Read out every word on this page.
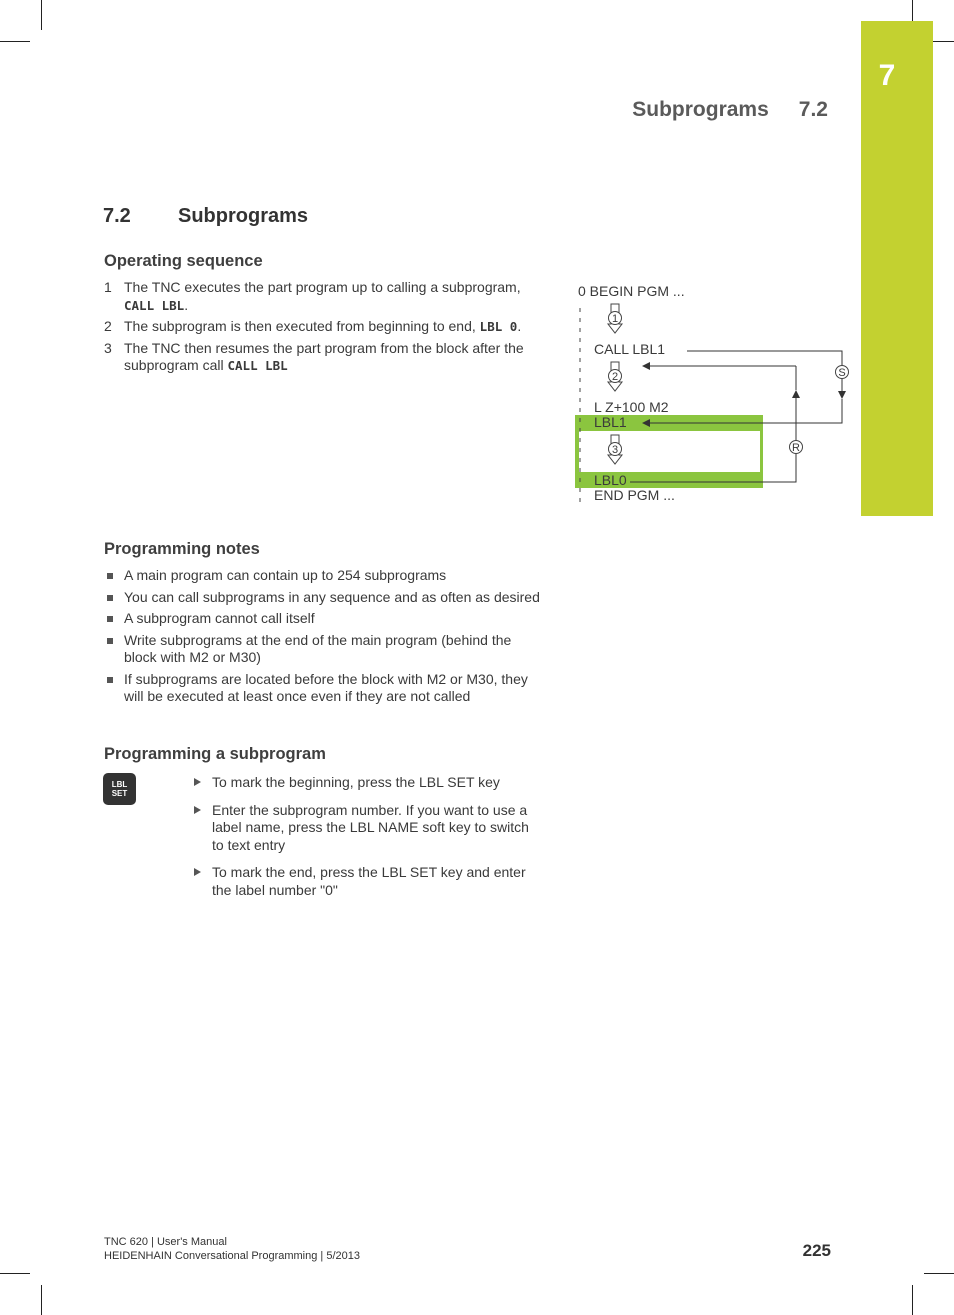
7
Subprograms 7.2
7.2 Subprograms
Operating sequence
1 The TNC executes the part program up to calling a subprogram, CALL LBL.
2 The subprogram is then executed from beginning to end, LBL 0.
3 The TNC then resumes the part program from the block after the subprogram call CALL LBL
0 BEGIN PGM ...
CALL LBL1
L Z+100 M2
LBL1
LBL0
END PGM ...
1
2
3
S
R
Programming notes
A main program can contain up to 254 subprograms
You can call subprograms in any sequence and as often as desired
A subprogram cannot call itself
Write subprograms at the end of the main program (behind the block with M2 or M30)
If subprograms are located before the block with M2 or M30, they will be executed at least once even if they are not called
Programming a subprogram
LBL
SET
To mark the beginning, press the LBL SET key
Enter the subprogram number. If you want to use a label name, press the LBL NAME soft key to switch to text entry
To mark the end, press the LBL SET key and enter the label number "0"
TNC 620 | User's Manual
HEIDENHAIN Conversational Programming | 5/2013	225
